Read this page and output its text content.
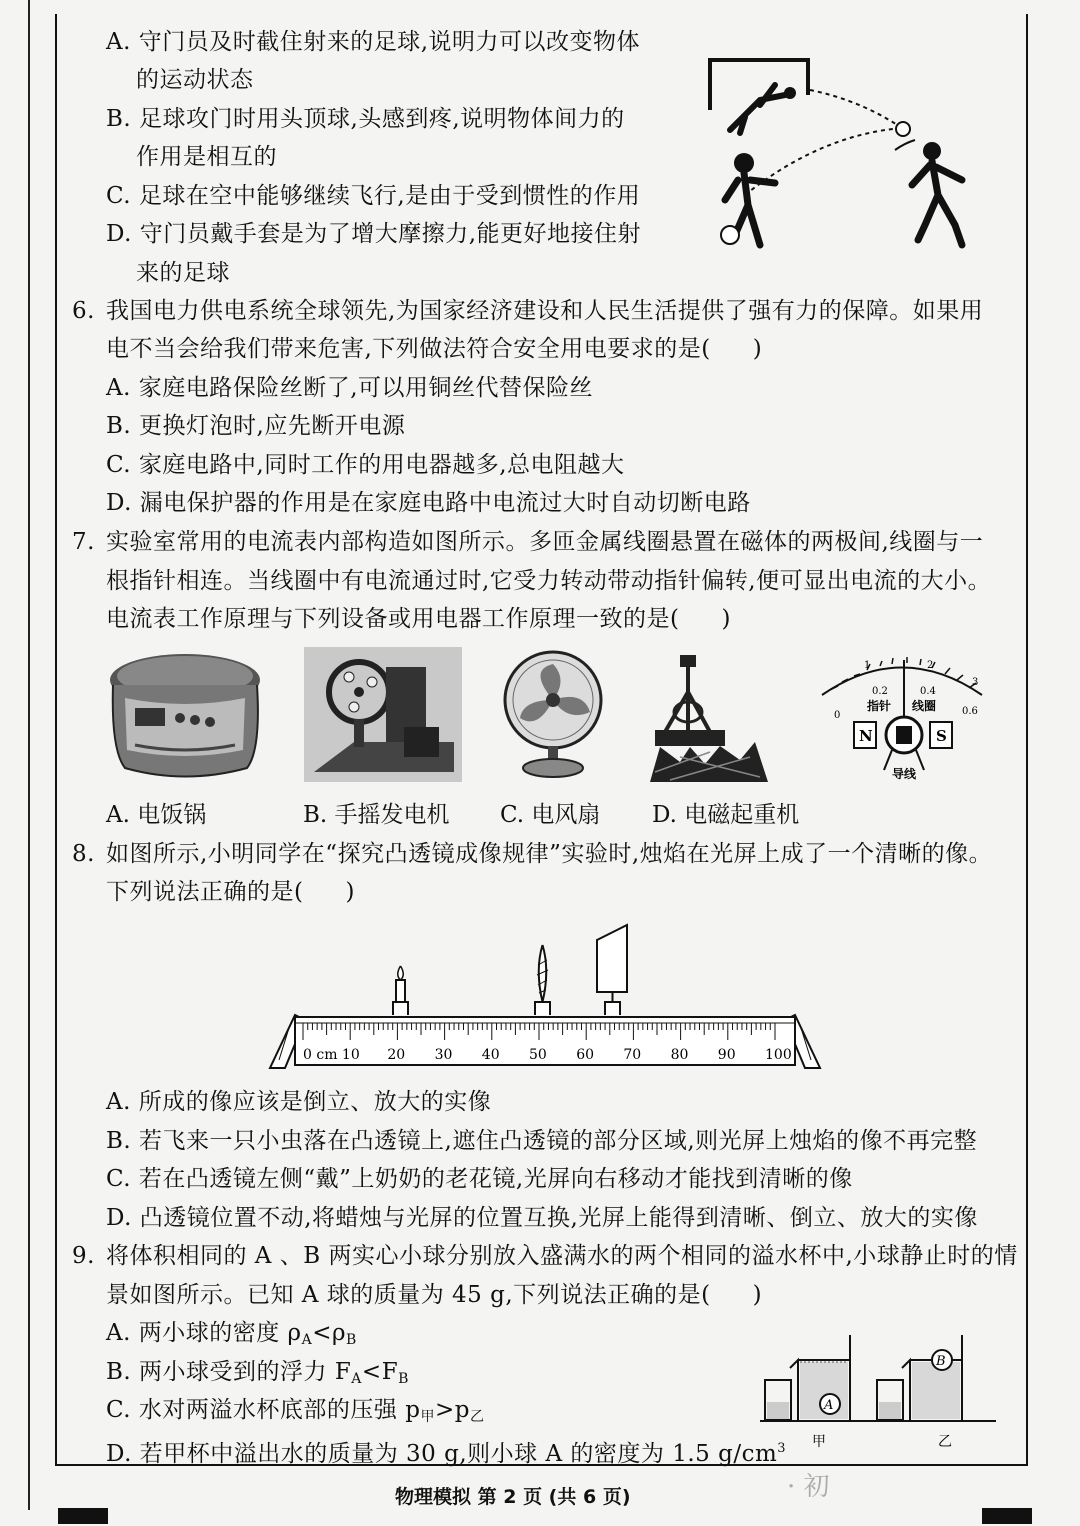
A. 守门员及时截住射来的足球,说明力可以改变物体
的运动状态
B. 足球攻门时用头顶球,头感到疼,说明物体间力的
作用是相互的
C. 足球在空中能够继续飞行,是由于受到惯性的作用
D. 守门员戴手套是为了增大摩擦力,能更好地接住射
来的足球
6. 我国电力供电系统全球领先,为国家经济建设和人民生活提供了强有力的保障。如果用
电不当会给我们带来危害,下列做法符合安全用电要求的是( )
A. 家庭电路保险丝断了,可以用铜丝代替保险丝
B. 更换灯泡时,应先断开电源
C. 家庭电路中,同时工作的用电器越多,总电阻越大
D. 漏电保护器的作用是在家庭电路中电流过大时自动切断电路
7. 实验室常用的电流表内部构造如图所示。多匝金属线圈悬置在磁体的两极间,线圈与一
根指针相连。当线圈中有电流通过时,它受力转动带动指针偏转,便可显出电流的大小。
电流表工作原理与下列设备或用电器工作原理一致的是( )
1	2
3
0
0.2	0.4
0.6
指针 线圈
N	S
导线
A. 电饭锅	B. 手摇发电机 C. 电风扇 D. 电磁起重机
8. 如图所示,小明同学在“探究凸透镜成像规律”实验时,烛焰在光屏上成了一个清晰的像。
下列说法正确的是( )
0 cm 10 20 30 40 50 60 70 80 90 100
A. 所成的像应该是倒立、放大的实像
B. 若飞来一只小虫落在凸透镜上,遮住凸透镜的部分区域,则光屏上烛焰的像不再完整
C. 若在凸透镜左侧“戴”上奶奶的老花镜,光屏向右移动才能找到清晰的像
D. 凸透镜位置不动,将蜡烛与光屏的位置互换,光屏上能得到清晰、倒立、放大的实像
9. 将体积相同的 A 、B 两实心小球分别放入盛满水的两个相同的溢水杯中,小球静止时的情
景如图所示。已知 A 球的质量为 45 g,下列说法正确的是( )
A. 两小球的密度 $\rho_A<\rho_B$
B. 两小球受到的浮力 $F_A<F_B$
C. 水对两溢水杯底部的压强 $p_甲>p_乙$
D. 若甲杯中溢出水的质量为 30 g,则小球 A 的密度为 1.5 $g/cm^3$
A
甲
B
乙
物理模拟 第 2 页 (共 6 页)	· 初
